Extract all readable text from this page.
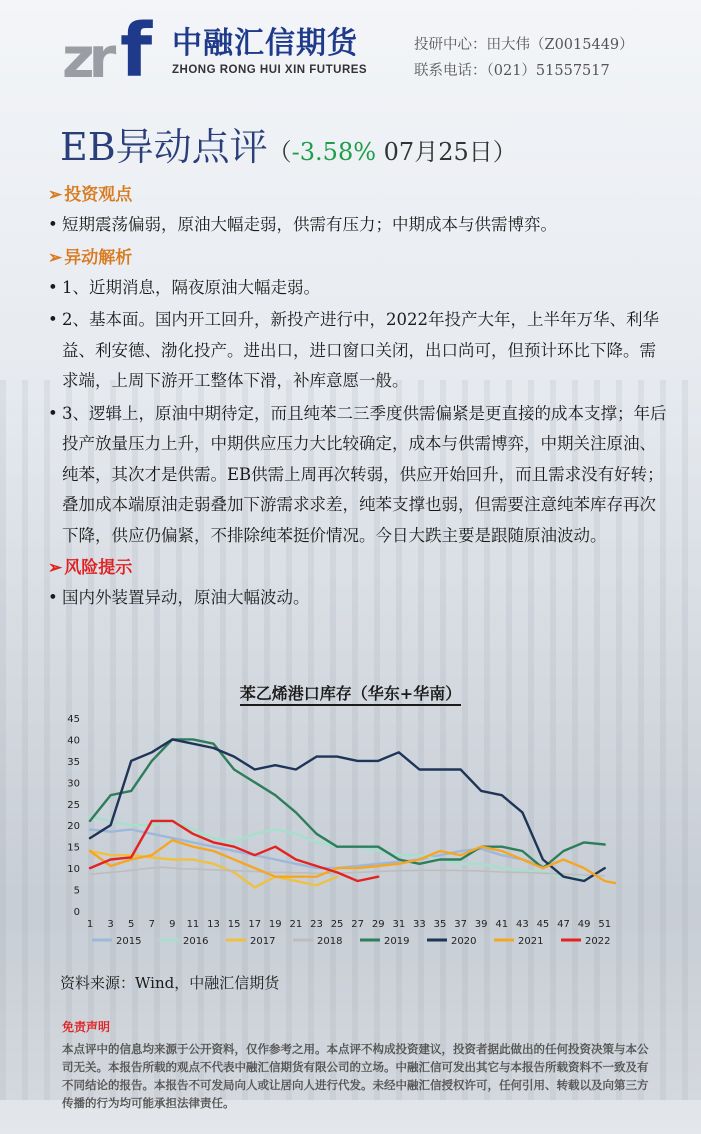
zr f 中融汇信期货
ZHONG RONG HUI XIN FUTURES
投研中心：田大伟（Z0015449）
联系电话：（021）51557517
EB异动点评（-3.58% 07月25日）
➢ 投资观点
• 短期震荡偏弱，原油大幅走弱，供需有压力；中期成本与供需博弈。
➢ 异动解析
• 1、近期消息，隔夜原油大幅走弱。
• 2、基本面。国内开工回升，新投产进行中，2022年投产大年，上半年万华、利华益、利安德、渤化投产。进出口，进口窗口关闭，出口尚可，但预计环比下降。需求端，上周下游开工整体下滑，补库意愿一般。
• 3、逻辑上，原油中期待定，而且纯苯二三季度供需偏紧是更直接的成本支撑；年后投产放量压力上升，中期供应压力大比较确定，成本与供需博弈，中期关注原油、纯苯，其次才是供需。EB供需上周再次转弱，供应开始回升，而且需求没有好转；叠加成本端原油走弱叠加下游需求求差，纯苯支撑也弱，但需要注意纯苯库存再次下降，供应仍偏紧，不排除纯苯挺价情况。今日大跌主要是跟随原油波动。
➢ 风险提示
• 国内外装置异动，原油大幅波动。
苯乙烯港口库存（华东+华南）
0
5
10
15
20
25
30
35
40
45
1 3 5 7 9 11 13 15 17 19 21 23 25 27 29 31 33 35 37 39 41 43 45 47 49 51
2015	2016	2017	2018	2019	2020	2021	2022
资料来源：Wind，中融汇信期货
免责声明
本点评中的信息均来源于公开资料，仅作参考之用。本点评不构成投资建议，投资者据此做出的任何投资决策与本公司无关。本报告所载的观点不代表中融汇信期货有限公司的立场。中融汇信可发出其它与本报告所载资料不一致及有不同结论的报告。本报告不可发局向人或让居向人进行代发。未经中融汇信授权许可，任何引用、转载以及向第三方传播的行为均可能承担法律责任。
